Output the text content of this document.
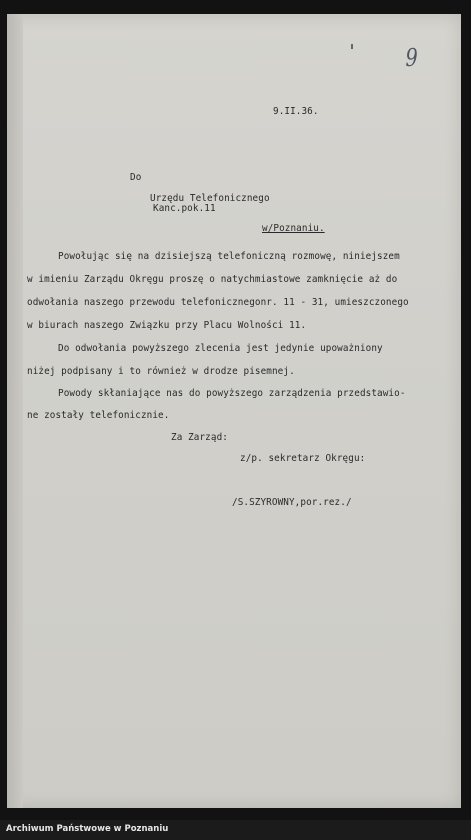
9
9.II.36.
Do
Urzędu Telefonicznego
Kanc.pok.11
w/Poznaniu.
Powołując się na dzisiejszą telefoniczną rozmowę, niniejszem
w imieniu Zarządu Okręgu proszę o natychmiastowe zamknięcie aż do
odwołania naszego przewodu telefonicznegonr. 11 - 31, umieszczonego
w biurach naszego Związku przy Placu Wolności 11.
Do odwołania powyższego zlecenia jest jedynie upoważniony
niżej podpisany i to również w drodze pisemnej.
Powody skłaniające nas do powyższego zarządzenia przedstawio-
ne zostały telefonicznie.
Za Zarząd:
z/p. sekretarz Okręgu:
/S.SZYROWNY,por.rez./
Archiwum Państwowe w Poznaniu
